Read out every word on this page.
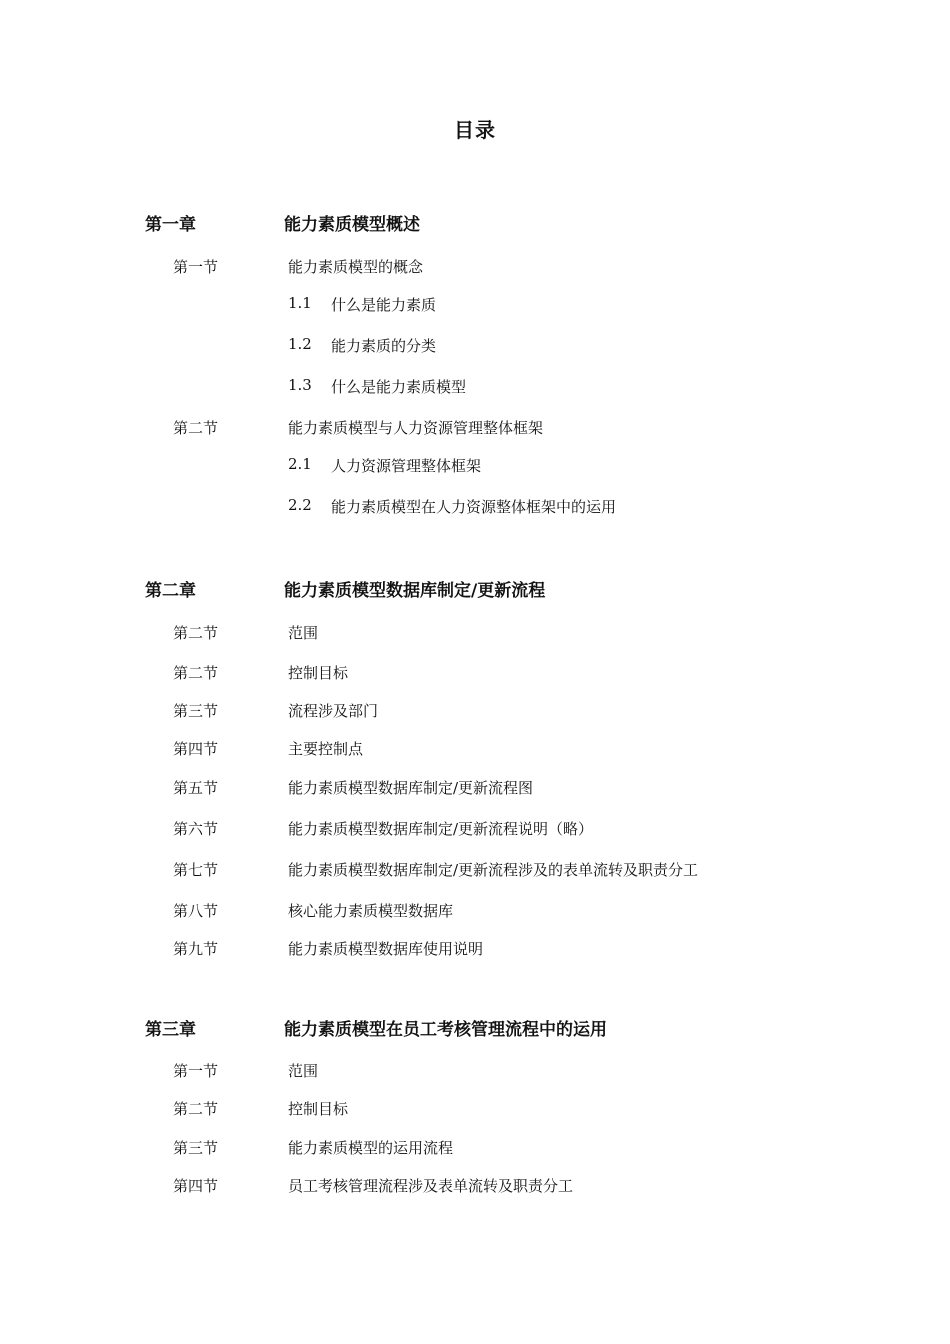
目录
第一章	能力素质模型概述
第一节	能力素质模型的概念
1.1 什么是能力素质
1.2 能力素质的分类
1.3 什么是能力素质模型
第二节	能力素质模型与人力资源管理整体框架
2.1 人力资源管理整体框架
2.2 能力素质模型在人力资源整体框架中的运用
第二章	能力素质模型数据库制定/更新流程
第二节	范围
第二节	控制目标
第三节	流程涉及部门
第四节	主要控制点
第五节	能力素质模型数据库制定/更新流程图
第六节	能力素质模型数据库制定/更新流程说明（略）
第七节	能力素质模型数据库制定/更新流程涉及的表单流转及职责分工
第八节	核心能力素质模型数据库
第九节	能力素质模型数据库使用说明
第三章	能力素质模型在员工考核管理流程中的运用
第一节	范围
第二节	控制目标
第三节	能力素质模型的运用流程
第四节	员工考核管理流程涉及表单流转及职责分工
